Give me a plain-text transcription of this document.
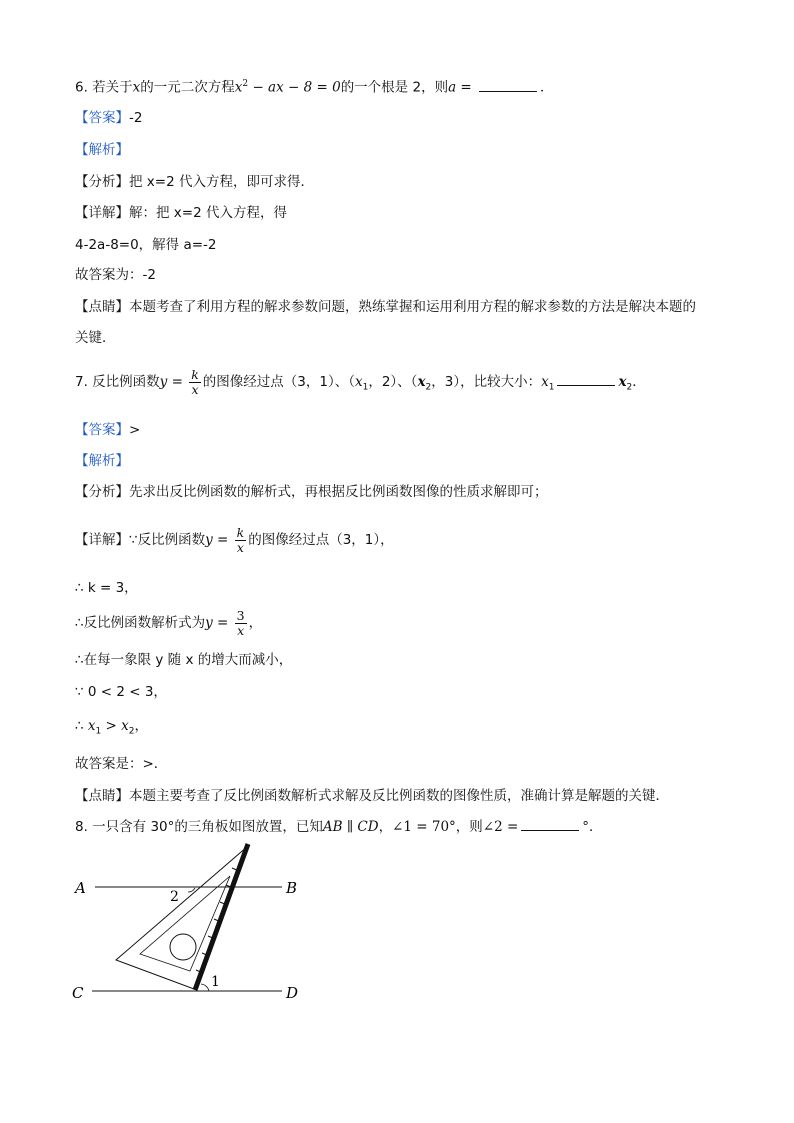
6. 若关于x的一元二次方程$x^2$ − ax − 8 = 0的一个根是 2，则a =	．
【答案】-2
【解析】
【分析】把 x=2 代入方程，即可求得．
【详解】解：把 x=2 代入方程，得
4-2a-8=0，解得 a=-2
故答案为：-2
【点睛】本题考查了利用方程的解求参数问题，熟练掌握和运用利用方程的解求参数的方法是解决本题的
关键．
7. 反比例函数$y = \frac{k}{x}$ 的图像经过点（3，1）、（$x_1$，2）、（$x_2$，3），比较大小：$x_1$	$x_2$．
【答案】>
【解析】
【分析】先求出反比例函数的解析式，再根据反比例函数图像的性质求解即可；
【详解】∵反比例函数$y = \frac{k}{x}$ 的图像经过点（3，1），
∴ k = 3，
∴反比例函数解析式为$y = \frac{3}{x}$ ，
∴在每一象限 y 随 x 的增大而减小，
∵ 0 < 2 < 3，
∴ $x_1 > x_2$，
故答案是：>．
【点睛】本题主要考查了反比例函数解析式求解及反比例函数的图像性质，准确计算是解题的关键．
8. 一只含有 30°的三角板如图放置，已知AB ∥ CD，∠1 = 70°，则∠2 =	°．
A	B
C	D
1
2
